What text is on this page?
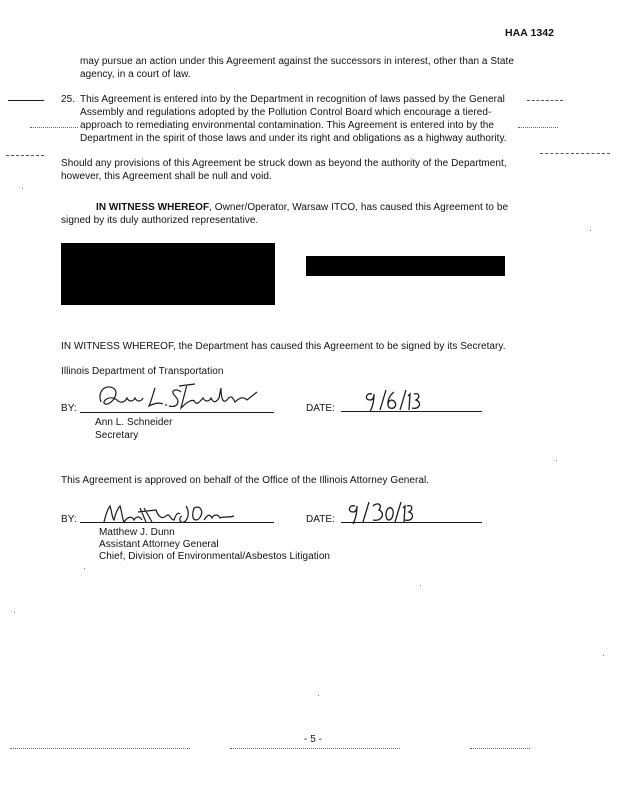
HAA 1342
may pursue an action under this Agreement against the successors in interest, other than a State
agency, in a court of law.
25. This Agreement is entered into by the Department in recognition of laws passed by the General
Assembly and regulations adopted by the Pollution Control Board which encourage a tiered-
approach to remediating environmental contamination. This Agreement is entered into by the
Department in the spirit of those laws and under its right and obligations as a highway authority.
Should any provisions of this Agreement be struck down as beyond the authority of the Department,
however, this Agreement shall be null and void.
IN WITNESS WHEREOF, Owner/Operator, Warsaw ITCO, has caused this Agreement to be
signed by its duly authorized representative.
IN WITNESS WHEREOF, the Department has caused this Agreement to be signed by its Secretary.
Illinois Department of Transportation
BY:
Ann L. Schneider
Secretary
DATE:
This Agreement is approved on behalf of the Office of the Illinois Attorney General.
BY:
Matthew J. Dunn
Assistant Attorney General
Chief, Division of Environmental/Asbestos Litigation
DATE:
- 5 -
